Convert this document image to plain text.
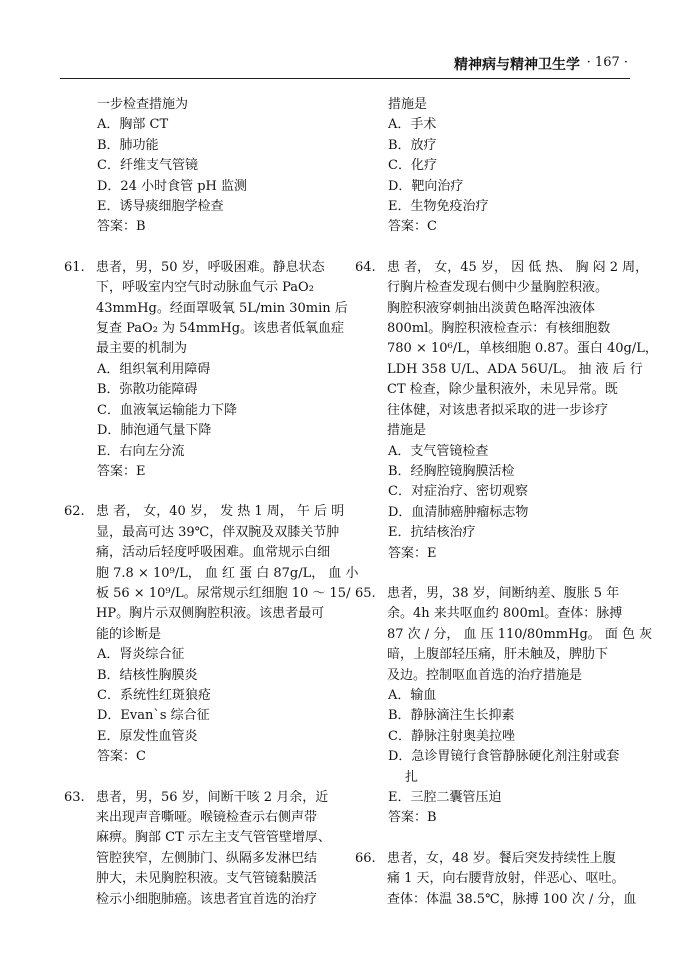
精神病与精神卫生学 · 167 ·
一步检查措施为
A．胸部 CT
B．肺功能
C．纤维支气管镜
D．24 小时食管 pH 监测
E．诱导痰细胞学检查
答案：B
61. 患者，男，50 岁，呼吸困难。静息状态
下，呼吸室内空气时动脉血气示 PaO₂
43mmHg。经面罩吸氧 5L/min 30min 后
复查 PaO₂ 为 54mmHg。该患者低氧血症
最主要的机制为
A．组织氧利用障碍
B．弥散功能障碍
C．血液氧运输能力下降
D．肺泡通气量下降
E．右向左分流
答案：E
62. 患 者， 女，40 岁， 发 热 1 周， 午 后 明
显，最高可达 39℃，伴双腕及双膝关节肿
痛，活动后轻度呼吸困难。血常规示白细
胞 7.8 × 10⁹/L， 血 红 蛋 白 87g/L， 血 小
板 56 × 10⁹/L。尿常规示红细胞 10 ～ 15/
HP。胸片示双侧胸腔积液。该患者最可
能的诊断是
A．肾炎综合征
B．结核性胸膜炎
C．系统性红斑狼疮
D．Evan`s 综合征
E．原发性血管炎
答案：C
63. 患者，男，56 岁，间断干咳 2 月余，近
来出现声音嘶哑。喉镜检查示右侧声带
麻痹。胸部 CT 示左主支气管管壁增厚、
管腔狭窄，左侧肺门、纵隔多发淋巴结
肿大，未见胸腔积液。支气管镜黏膜活
检示小细胞肺癌。该患者宜首选的治疗
措施是
A．手术
B．放疗
C．化疗
D．靶向治疗
E．生物免疫治疗
答案：C
64. 患 者， 女，45 岁， 因 低 热、 胸 闷 2 周，
行胸片检查发现右侧中少量胸腔积液。
胸腔积液穿刺抽出淡黄色略浑浊液体
800ml。胸腔积液检查示：有核细胞数
780 × 10⁶/L，单核细胞 0.87。蛋白 40g/L，
LDH 358 U/L、ADA 56U/L。 抽 液 后 行
CT 检查，除少量积液外，未见异常。既
往体健，对该患者拟采取的进一步诊疗
措施是
A．支气管镜检查
B．经胸腔镜胸膜活检
C．对症治疗、密切观察
D．血清肺癌肿瘤标志物
E．抗结核治疗
答案：E
65. 患者，男，38 岁，间断纳差、腹胀 5 年
余。4h 来共呕血约 800ml。查体：脉搏
87 次 / 分， 血 压 110/80mmHg。 面 色 灰
暗，上腹部轻压痛，肝未触及，脾肋下
及边。控制呕血首选的治疗措施是
A．输血
B．静脉滴注生长抑素
C．静脉注射奥美拉唑
D．急诊胃镜行食管静脉硬化剂注射或套
扎
E．三腔二囊管压迫
答案：B
66. 患者，女，48 岁。餐后突发持续性上腹
痛 1 天，向右腰背放射，伴恶心、呕吐。
查体：体温 38.5℃，脉搏 100 次 / 分，血
